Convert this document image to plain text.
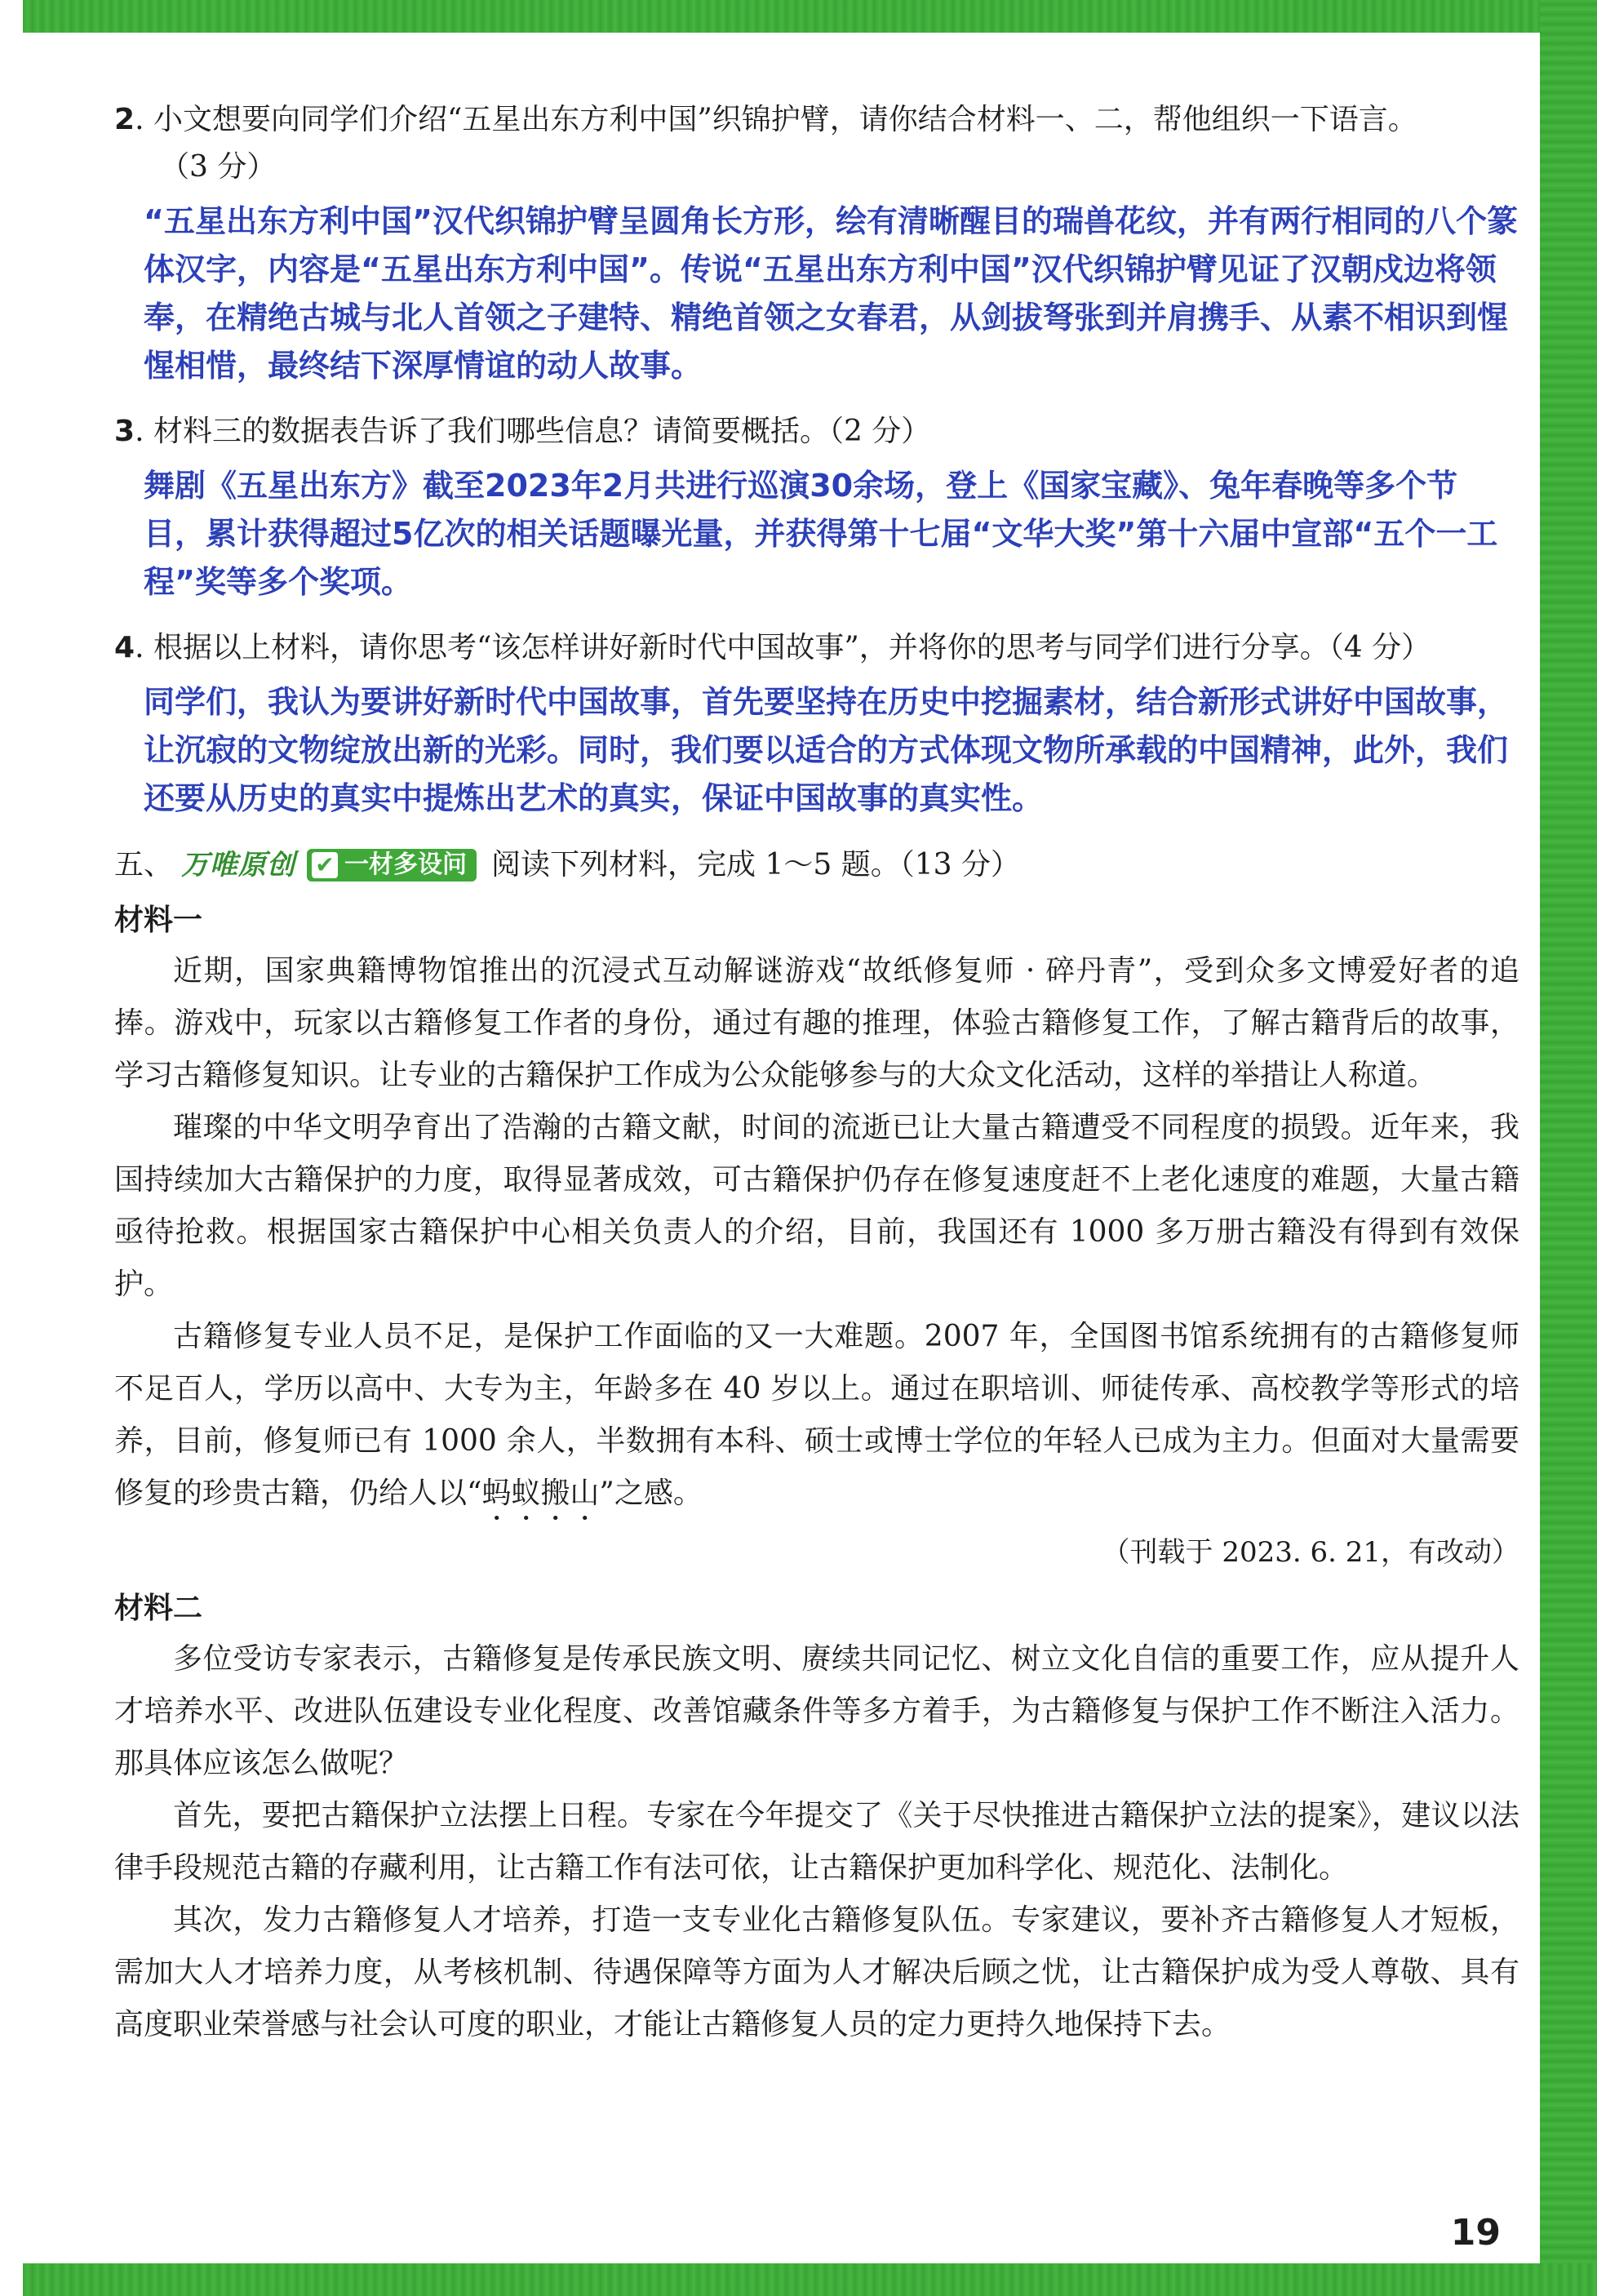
2. 小文想要向同学们介绍“五星出东方利中国”织锦护臂，请你结合材料一、二，帮他组织一下语言。

（3 分）

“五星出东方利中国”汉代织锦护臂呈圆角长方形，绘有清晰醒目的瑞兽花纹，并有两行相同的八个篆体汉字，内容是“五星出东方利中国”。传说“五星出东方利中国”汉代织锦护臂见证了汉朝戍边将领奉，在精绝古城与北人首领之子建特、精绝首领之女春君，从剑拔弩张到并肩携手、从素不相识到惺惺相惜，最终结下深厚情谊的动人故事。

3. 材料三的数据表告诉了我们哪些信息？请简要概括。（2 分）

舞剧《五星出东方》截至2023年2月共进行巡演30余场，登上《国家宝藏》、兔年春晚等多个节目，累计获得超过5亿次的相关话题曝光量，并获得第十七届“文华大奖”第十六届中宣部“五个一工程”奖等多个奖项。

4. 根据以上材料，请你思考“该怎样讲好新时代中国故事”，并将你的思考与同学们进行分享。（4 分）

同学们，我认为要讲好新时代中国故事，首先要坚持在历史中挖掘素材，结合新形式讲好中国故事，让沉寂的文物绽放出新的光彩。同时，我们要以适合的方式体现文物所承载的中国精神，此外，我们还要从历史的真实中提炼出艺术的真实，保证中国故事的真实性。
五、 万唯原创 ✔ 一材多设问 阅读下列材料，完成 1～5 题。（13 分）
材料一

近期，国家典籍博物馆推出的沉浸式互动解谜游戏“故纸修复师 · 碎丹青”，受到众多文博爱好者的追捧。游戏中，玩家以古籍修复工作者的身份，通过有趣的推理，体验古籍修复工作，了解古籍背后的故事，学习古籍修复知识。让专业的古籍保护工作成为公众能够参与的大众文化活动，这样的举措让人称道。

璀璨的中华文明孕育出了浩瀚的古籍文献，时间的流逝已让大量古籍遭受不同程度的损毁。近年来，我国持续加大古籍保护的力度，取得显著成效，可古籍保护仍存在修复速度赶不上老化速度的难题，大量古籍亟待抢救。根据国家古籍保护中心相关负责人的介绍，目前，我国还有 1000 多万册古籍没有得到有效保护。

古籍修复专业人员不足，是保护工作面临的又一大难题。2007 年，全国图书馆系统拥有的古籍修复师不足百人，学历以高中、大专为主，年龄多在 40 岁以上。通过在职培训、师徒传承、高校教学等形式的培养，目前，修复师已有 1000 余人，半数拥有本科、硕士或博士学位的年轻人已成为主力。但面对大量需要修复的珍贵古籍，仍给人以“蚂蚁搬山”之感。

（刊载于 2023. 6. 21，有改动）
材料二

多位受访专家表示，古籍修复是传承民族文明、赓续共同记忆、树立文化自信的重要工作，应从提升人才培养水平、改进队伍建设专业化程度、改善馆藏条件等多方着手，为古籍修复与保护工作不断注入活力。那具体应该怎么做呢？

首先，要把古籍保护立法摆上日程。专家在今年提交了《关于尽快推进古籍保护立法的提案》，建议以法律手段规范古籍的存藏利用，让古籍工作有法可依，让古籍保护更加科学化、规范化、法制化。

其次，发力古籍修复人才培养，打造一支专业化古籍修复队伍。专家建议，要补齐古籍修复人才短板，需加大人才培养力度，从考核机制、待遇保障等方面为人才解决后顾之忧，让古籍保护成为受人尊敬、具有高度职业荣誉感与社会认可度的职业，才能让古籍修复人员的定力更持久地保持下去。

19
